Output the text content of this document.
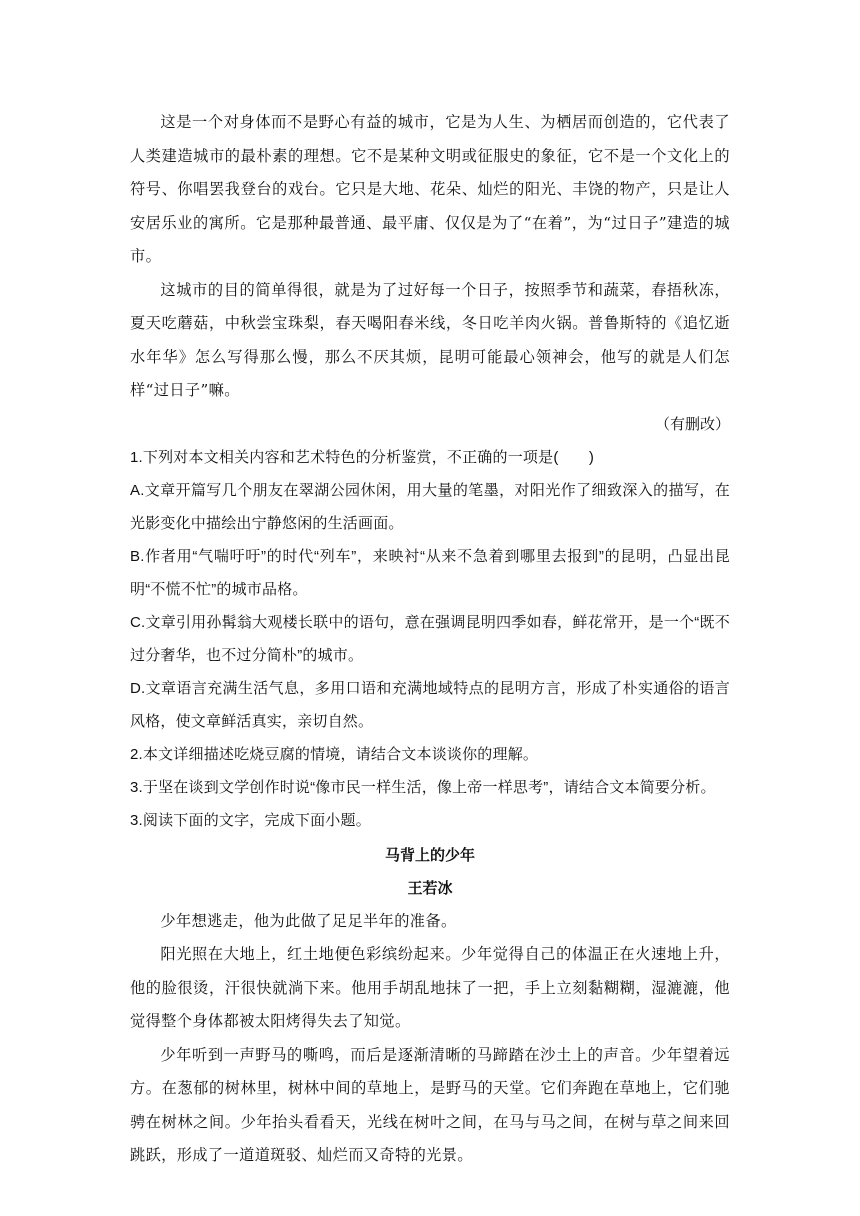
这是一个对身体而不是野心有益的城市，它是为人生、为栖居而创造的，它代表了人类建造城市的最朴素的理想。它不是某种文明或征服史的象征，它不是一个文化上的符号、你唱罢我登台的戏台。它只是大地、花朵、灿烂的阳光、丰饶的物产，只是让人安居乐业的寓所。它是那种最普通、最平庸、仅仅是为了“在着”，为“过日子”建造的城市。

这城市的目的简单得很，就是为了过好每一个日子，按照季节和蔬菜，春捂秋冻，夏天吃蘑菇，中秋尝宝珠梨，春天喝阳春米线，冬日吃羊肉火锅。普鲁斯特的《追忆逝水年华》怎么写得那么慢，那么不厌其烦，昆明可能最心领神会，他写的就是人们怎样“过日子”嘛。

（有删改）

1.下列对本文相关内容和艺术特色的分析鉴赏，不正确的一项是(　　)

A.文章开篇写几个朋友在翠湖公园休闲，用大量的笔墨，对阳光作了细致深入的描写，在光影变化中描绘出宁静悠闲的生活画面。

B.作者用“气喘吁吁”的时代“列车”，来映衬“从来不急着到哪里去报到”的昆明，凸显出昆明“不慌不忙”的城市品格。

C.文章引用孙髯翁大观楼长联中的语句，意在强调昆明四季如春，鲜花常开，是一个“既不过分奢华，也不过分简朴”的城市。

D.文章语言充满生活气息，多用口语和充满地域特点的昆明方言，形成了朴实通俗的语言风格，使文章鲜活真实，亲切自然。

2.本文详细描述吃烧豆腐的情境，请结合文本谈谈你的理解。

3.于坚在谈到文学创作时说“像市民一样生活，像上帝一样思考”，请结合文本简要分析。

3.阅读下面的文字，完成下面小题。

马背上的少年

王若冰

少年想逃走，他为此做了足足半年的准备。

阳光照在大地上，红土地便色彩缤纷起来。少年觉得自己的体温正在火速地上升，他的脸很烫，汗很快就淌下来。他用手胡乱地抹了一把，手上立刻黏糊糊，湿漉漉，他觉得整个身体都被太阳烤得失去了知觉。

少年听到一声野马的嘶鸣，而后是逐渐清晰的马蹄踏在沙土上的声音。少年望着远方。在葱郁的树林里，树林中间的草地上，是野马的天堂。它们奔跑在草地上，它们驰骋在树林之间。少年抬头看看天，光线在树叶之间，在马与马之间，在树与草之间来回跳跃，形成了一道道斑驳、灿烂而又奇特的光景。
